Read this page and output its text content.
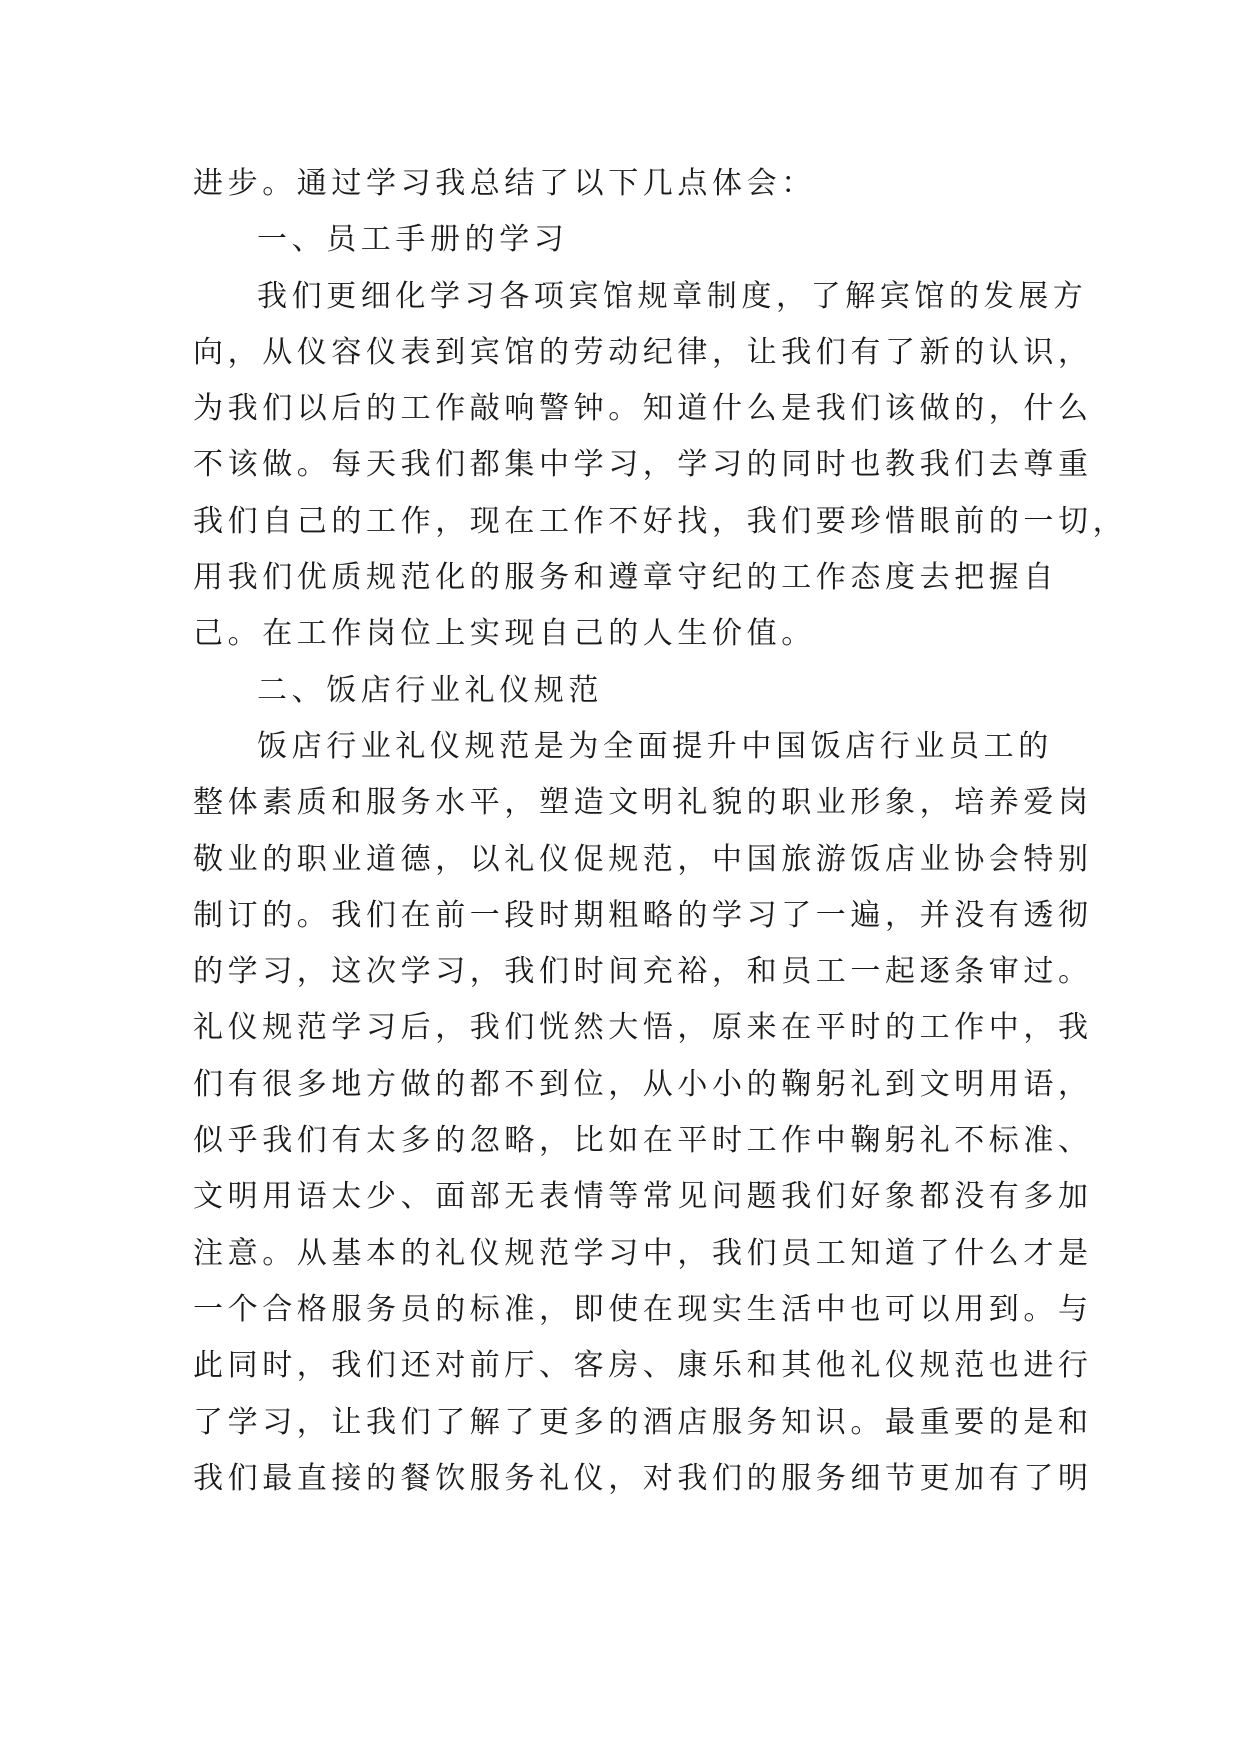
进步。通过学习我总结了以下几点体会：
一、员工手册的学习
我们更细化学习各项宾馆规章制度，了解宾馆的发展方
向，从仪容仪表到宾馆的劳动纪律，让我们有了新的认识，
为我们以后的工作敲响警钟。知道什么是我们该做的，什么
不该做。每天我们都集中学习，学习的同时也教我们去尊重
我们自己的工作，现在工作不好找，我们要珍惜眼前的一切，
用我们优质规范化的服务和遵章守纪的工作态度去把握自
己。在工作岗位上实现自己的人生价值。
二、饭店行业礼仪规范
饭店行业礼仪规范是为全面提升中国饭店行业员工的
整体素质和服务水平，塑造文明礼貌的职业形象，培养爱岗
敬业的职业道德，以礼仪促规范，中国旅游饭店业协会特别
制订的。我们在前一段时期粗略的学习了一遍，并没有透彻
的学习，这次学习，我们时间充裕，和员工一起逐条审过。
礼仪规范学习后，我们恍然大悟，原来在平时的工作中，我
们有很多地方做的都不到位，从小小的鞠躬礼到文明用语，
似乎我们有太多的忽略，比如在平时工作中鞠躬礼不标准、
文明用语太少、面部无表情等常见问题我们好象都没有多加
注意。从基本的礼仪规范学习中，我们员工知道了什么才是
一个合格服务员的标准，即使在现实生活中也可以用到。与
此同时，我们还对前厅、客房、康乐和其他礼仪规范也进行
了学习，让我们了解了更多的酒店服务知识。最重要的是和
我们最直接的餐饮服务礼仪，对我们的服务细节更加有了明
